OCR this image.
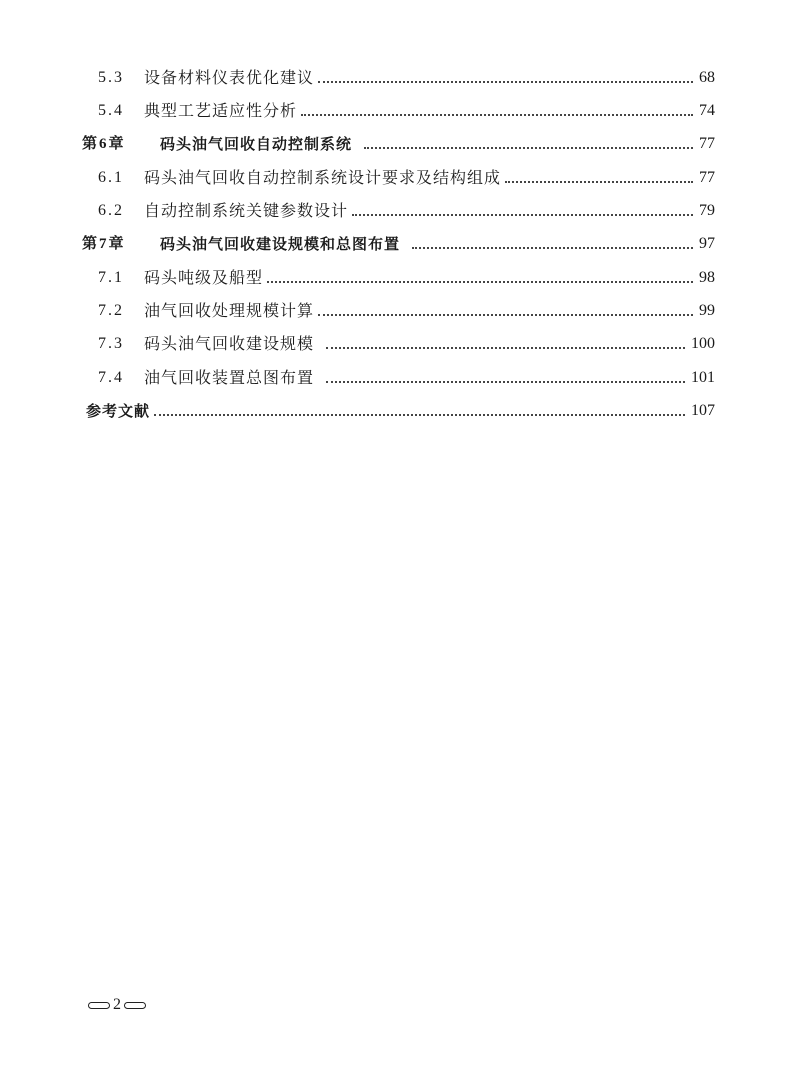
5.3	设备材料仪表优化建议	68
5.4	典型工艺适应性分析	74
第6章	码头油气回收自动控制系统	77
6.1	码头油气回收自动控制系统设计要求及结构组成	77
6.2	自动控制系统关键参数设计	79
第7章	码头油气回收建设规模和总图布置	97
7.1	码头吨级及船型	98
7.2	油气回收处理规模计算	99
7.3	码头油气回收建设规模	100
7.4	油气回收装置总图布置	101
参考文献	107
2
